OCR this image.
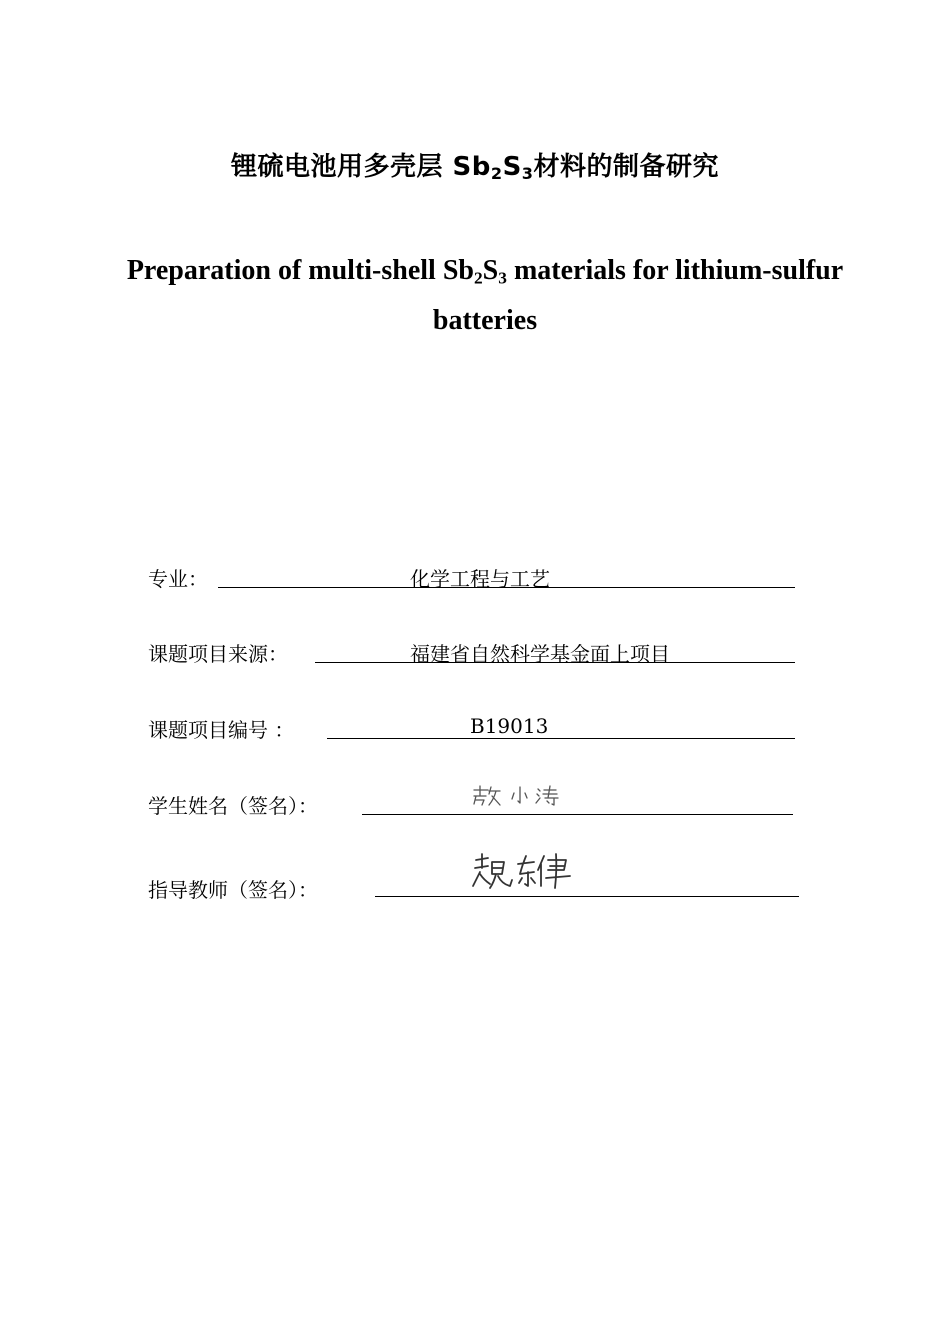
锂硫电池用多壳层 $Sb_2S_3$材料的制备研究
Preparation of multi-shell $Sb_2S_3$ materials for lithium-sulfur batteries
专业：	化学工程与工艺
课题项目来源：	福建省自然科学基金面上项目
课题项目编号 ：	B19013
学生姓名（签名）：
指导教师（签名）：
